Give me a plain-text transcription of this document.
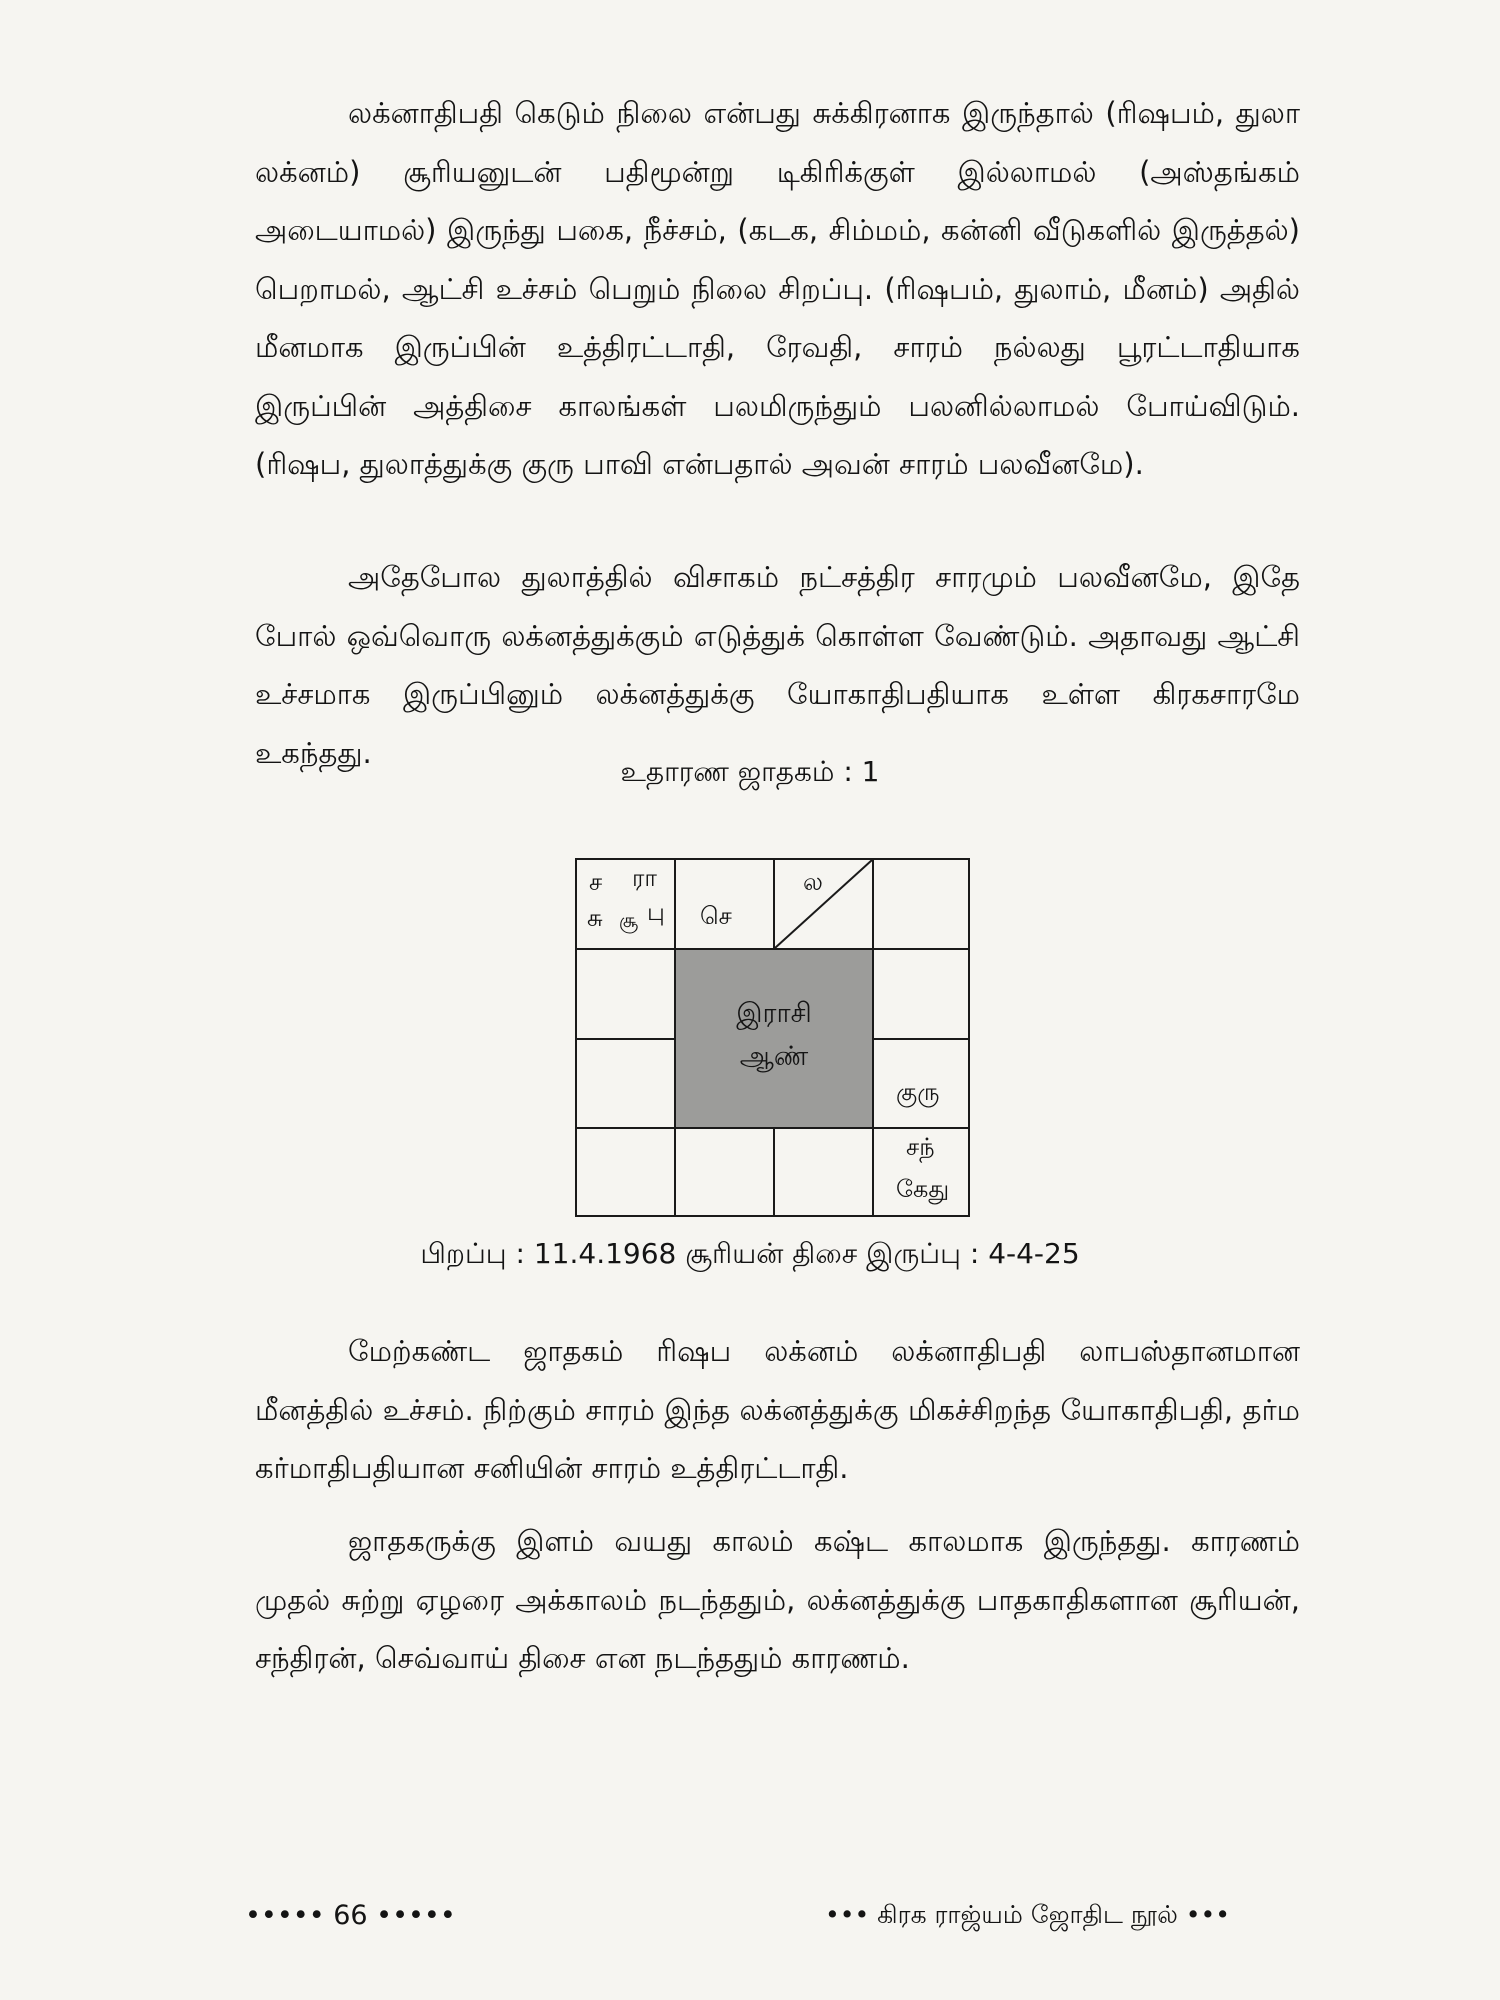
லக்னாதிபதி கெடும் நிலை என்பது சுக்கிரனாக இருந்தால் (ரிஷபம், துலா லக்னம்) சூரியனுடன் பதிமூன்று டிகிரிக்குள் இல்லாமல் (அஸ்தங்கம் அடையாமல்) இருந்து பகை, நீச்சம், (கடக, சிம்மம், கன்னி வீடுகளில் இருத்தல்) பெறாமல், ஆட்சி உச்சம் பெறும் நிலை சிறப்பு. (ரிஷபம், துலாம், மீனம்) அதில் மீனமாக இருப்பின் உத்திரட்டாதி, ரேவதி, சாரம் நல்லது பூரட்டாதியாக இருப்பின் அத்திசை காலங்கள் பலமிருந்தும் பலனில்லாமல் போய்விடும். (ரிஷப, துலாத்துக்கு குரு பாவி என்பதால் அவன் சாரம் பலவீனமே).

அதேபோல துலாத்தில் விசாகம் நட்சத்திர சாரமும் பலவீனமே, இதே போல் ஒவ்வொரு லக்னத்துக்கும் எடுத்துக் கொள்ள வேண்டும். அதாவது ஆட்சி உச்சமாக இருப்பினும் லக்னத்துக்கு யோகாதிபதியாக உள்ள கிரகசாரமே உகந்தது.

உதாரண ஜாதகம் : 1

ச ரா
சு சூ பு செ
ல
குரு
சந்
கேது
இராசி
ஆண்

பிறப்பு : 11.4.1968 சூரியன் திசை இருப்பு : 4-4-25

மேற்கண்ட ஜாதகம் ரிஷப லக்னம் லக்னாதிபதி லாபஸ்தானமான மீனத்தில் உச்சம். நிற்கும் சாரம் இந்த லக்னத்துக்கு மிகச்சிறந்த யோகாதிபதி, தர்ம கர்மாதிபதியான சனியின் சாரம் உத்திரட்டாதி.

ஜாதகருக்கு இளம் வயது காலம் கஷ்ட காலமாக இருந்தது. காரணம் முதல் சுற்று ஏழரை அக்காலம் நடந்ததும், லக்னத்துக்கு பாதகாதிகளான சூரியன், சந்திரன், செவ்வாய் திசை என நடந்ததும் காரணம்.

••••• 66 •••••	••• கிரக ராஜ்யம் ஜோதிட நூல் •••
